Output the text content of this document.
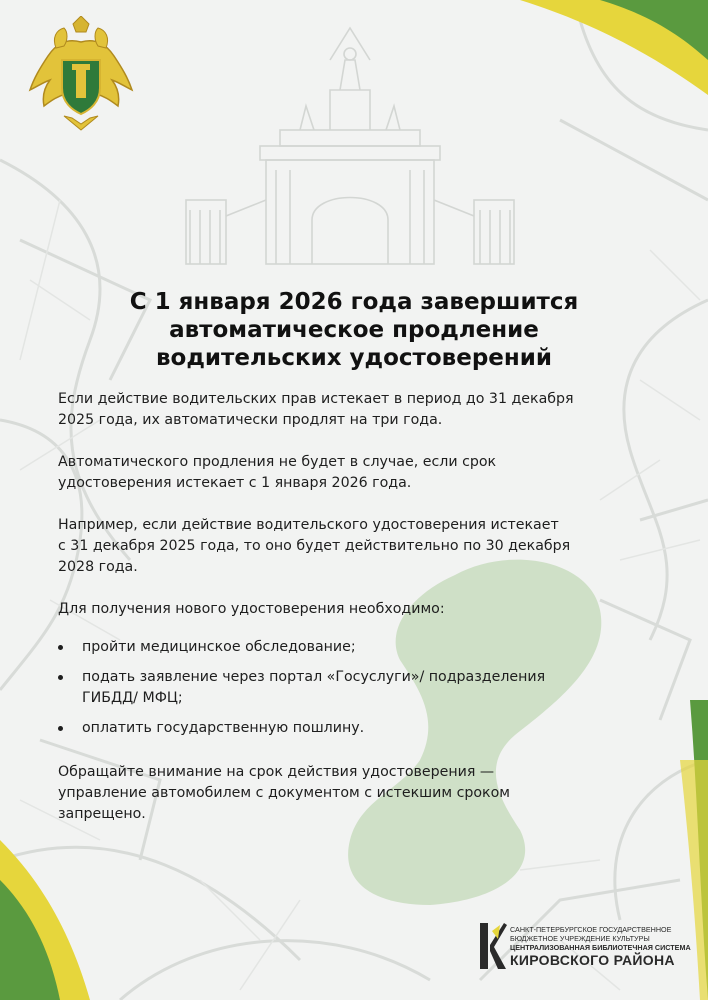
С 1 января 2026 года завершится
автоматическое продление
водительских удостоверений

Если действие водительских прав истекает в период до 31 декабря
2025 года, их автоматически продлят на три года.

Автоматического продления не будет в случае, если срок
удостоверения истекает с 1 января 2026 года.

Например, если действие водительского удостоверения истекает
с 31 декабря 2025 года, то оно будет действительно по 30 декабря
2028 года.

Для получения нового удостоверения необходимо:

пройти медицинское обследование;
подать заявление через портал «Госуслуги»/ подразделения
ГИБДД/ МФЦ;
оплатить государственную пошлину.

Обращайте внимание на срок действия удостоверения —
управление автомобилем с документом с истекшим сроком
запрещено.

САНКТ-ПЕТЕРБУРГСКОЕ ГОСУДАРСТВЕННОЕ
БЮДЖЕТНОЕ УЧРЕЖДЕНИЕ КУЛЬТУРЫ
ЦЕНТРАЛИЗОВАННАЯ БИБЛИОТЕЧНАЯ СИСТЕМА
КИРОВСКОГО РАЙОНА
